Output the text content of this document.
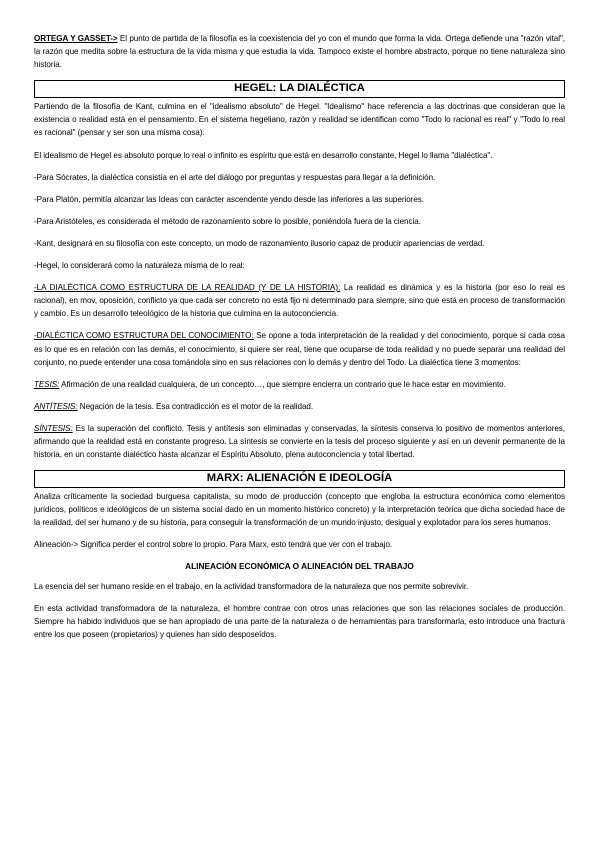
ORTEGA Y GASSET-> El punto de partida de la filosofía es la coexistencia del yo con el mundo que forma la vida. Ortega defiende una "razón vital", la razón que medita sobre la estructura de la vida misma y que estudia la vida. Tampoco existe el hombre abstracto, porque no tiene naturaleza sino historia.

HEGEL: LA DIALÉCTICA

Partiendo de la filosofía de Kant, culmina en el "idealismo absoluto" de Hegel. "Idealismo" hace referencia a las doctrinas que consideran que la existencia o realidad está en el pensamiento. En el sistema hegeliano, razón y realidad se identifican como "Todo lo racional es real" y "Todo lo real es racional" (pensar y ser son una misma cosa).

El idealismo de Hegel es absoluto porque lo real o infinito es espíritu que está en desarrollo constante, Hegel lo llama "dialéctica".

-Para Sócrates, la dialéctica consistía en el arte del diálogo por preguntas y respuestas para llegar a la definición.

-Para Platón, permitía alcanzar las Ideas con carácter ascendente yendo desde las inferiores a las superiores.

-Para Aristóteles, es considerada el método de razonamiento sobre lo posible, poniéndola fuera de la ciencia.

-Kant, designará en su filosofía con este concepto, un modo de razonamiento ilusorio capaz de producir apariencias de verdad.

-Hegel, lo considerará como la naturaleza misma de lo real:

-LA DIALÉCTICA COMO ESTRUCTURA DE LA REALIDAD (Y DE LA HISTORIA): La realidad es dinámica y es la historia (por eso lo real es racional), en mov, oposición, conflicto ya que cada ser concreto no está fijo ni determinado para siempre, sino que está en proceso de transformación y cambio. Es un desarrollo teleológico de la historia que culmina en la autoconciencia.

-DIALÉCTICA COMO ESTRUCTURA DEL CONOCIMIENTO: Se opone a toda interpretación de la realidad y del conocimiento, porque si cada cosa es lo que es en relación con las demás, el conocimiento, si quiere ser real, tiene que ocuparse de toda realidad y no puede separar una realidad del conjunto, no puede entender una cosa tomándola sino en sus relaciones con lo demás y dentro del Todo. La dialéctica tiene 3 momentos:

TESIS: Afirmación de una realidad cualquiera, de un concepto…, que siempre encierra un contrario que le hace estar en movimiento.

ANTÍTESIS: Negación de la tesis. Esa contradicción es el motor de la realidad.

SÍNTESIS: Es la superación del conflicto. Tesis y antítesis son eliminadas y conservadas, la síntesis conserva lo positivo de momentos anteriores, afirmando que la realidad está en constante progreso. La síntesis se convierte en la tesis del proceso siguiente y así en un devenir permanente de la historia, en un constante dialéctico hasta alcanzar el Espíritu Absoluto, plena autoconciencia y total libertad.

MARX: ALIENACIÓN E IDEOLOGÍA

Analiza críticamente la sociedad burguesa capitalista, su modo de producción (concepto que engloba la estructura económica como elementos jurídicos, políticos e ideológicos de un sistema social dado en un momento histórico concreto) y la interpretación teórica que dicha sociedad hace de la realidad, del ser humano y de su historia, para conseguir la transformación de un mundo injusto, desigual y explotador para los seres humanos.

Alineación-> Significa perder el control sobre lo propio. Para Marx, esto tendrá que ver con el trabajo.

ALINEACIÓN ECONÓMICA O ALINEACIÓN DEL TRABAJO

La esencia del ser humano reside en el trabajo, en la actividad transformadora de la naturaleza que nos permite sobrevivir.

En esta actividad transformadora de la naturaleza, el hombre contrae con otros unas relaciones que son las relaciones sociales de producción. Siempre ha habido individuos que se han apropiado de una parte de la naturaleza o de herramientas para transformarla, esto introduce una fractura entre los que poseen (propietarios) y quienes han sido desposeídos.
